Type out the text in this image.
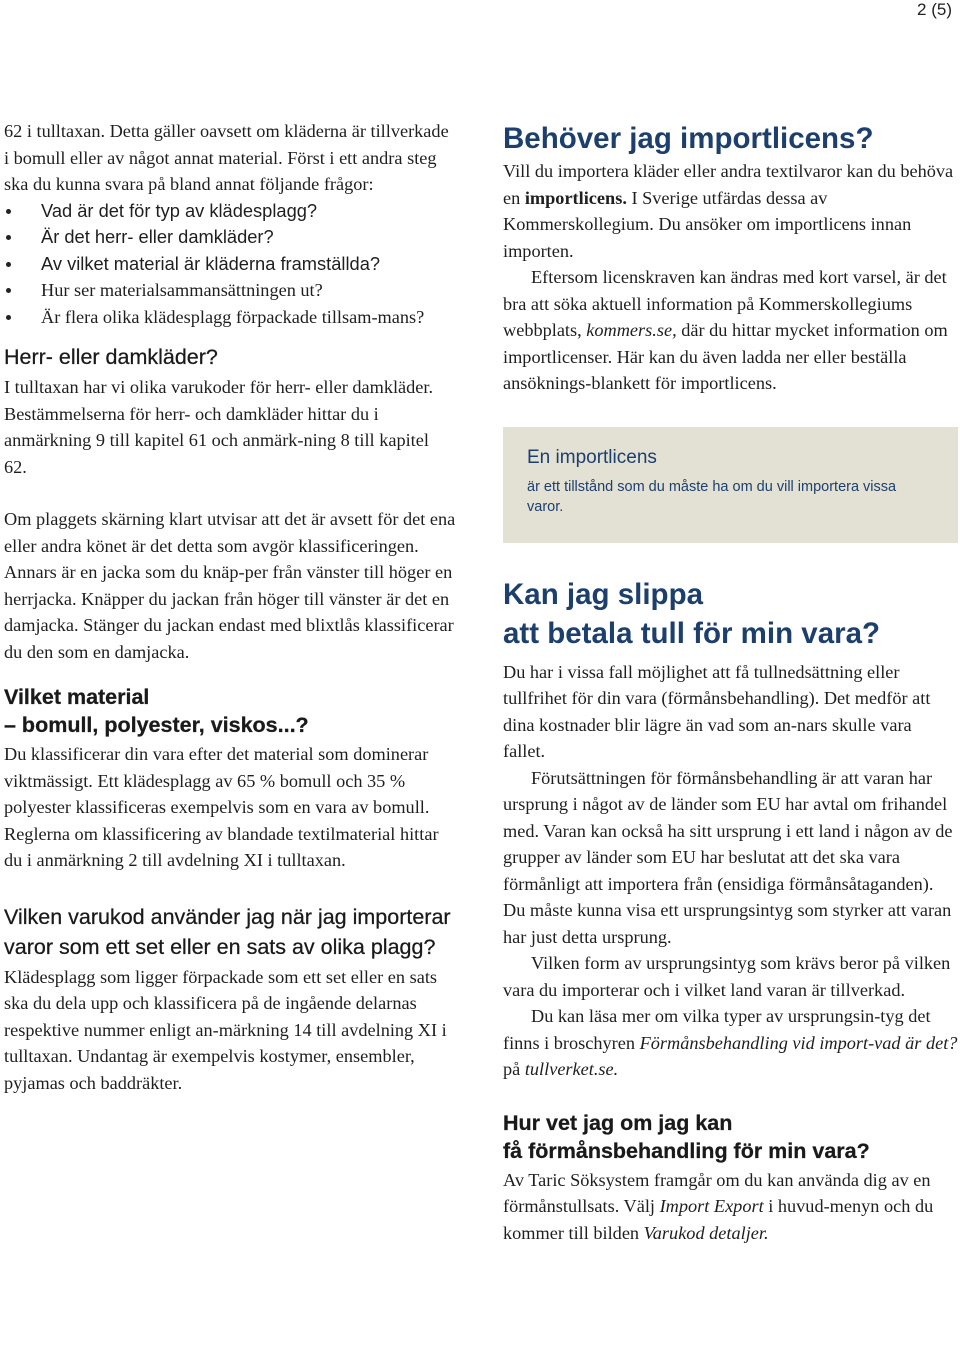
2 (5)

62 i tulltaxan. Detta gäller oavsett om kläderna är tillverkade i bomull eller av något annat material. Först i ett andra steg ska du kunna svara på bland annat följande frågor:

Vad är det för typ av klädesplagg?
Är det herr- eller damkläder?
Av vilket material är kläderna framställda?
Hur ser materialsammansättningen ut?
Är flera olika klädesplagg förpackade tillsam-mans?
Herr- eller damkläder?

I tulltaxan har vi olika varukoder för herr- eller damkläder. Bestämmelserna för herr- och damkläder hittar du i anmärkning 9 till kapitel 61 och anmärk-ning 8 till kapitel 62.

Om plaggets skärning klart utvisar att det är avsett för det ena eller andra könet är det detta som avgör klassificeringen. Annars är en jacka som du knäp-per från vänster till höger en herrjacka. Knäpper du jackan från höger till vänster är det en damjacka. Stänger du jackan endast med blixtlås klassificerar du den som en damjacka.

Vilket material
– bomull, polyester, viskos...?

Du klassificerar din vara efter det material som dominerar viktmässigt. Ett klädesplagg av 65 % bomull och 35 % polyester klassificeras exempelvis som en vara av bomull. Reglerna om klassificering av blandade textilmaterial hittar du i anmärkning 2 till avdelning XI i tulltaxan.

Vilken varukod använder jag när jag importerar varor som ett set eller en sats av olika plagg?

Klädesplagg som ligger förpackade som ett set eller en sats ska du dela upp och klassificera på de ingående delarnas respektive nummer enligt an-märkning 14 till avdelning XI i tulltaxan. Undantag är exempelvis kostymer, ensembler, pyjamas och baddräkter.

Behöver jag importlicens?

Vill du importera kläder eller andra textilvaror kan du behöva en importlicens. I Sverige utfärdas dessa av Kommerskollegium. Du ansöker om importlicens innan importen.

Eftersom licenskraven kan ändras med kort varsel, är det bra att söka aktuell information på Kommerskollegiums webbplats, kommers.se, där du hittar mycket information om importlicenser. Här kan du även ladda ner eller beställa ansöknings-blankett för importlicens.

En importlicens
är ett tillstånd som du måste ha om du vill importera vissa varor.
Kan jag slippa
att betala tull för min vara?

Du har i vissa fall möjlighet att få tullnedsättning eller tullfrihet för din vara (förmånsbehandling). Det medför att dina kostnader blir lägre än vad som an-nars skulle vara fallet.

Förutsättningen för förmånsbehandling är att varan har ursprung i något av de länder som EU har avtal om frihandel med. Varan kan också ha sitt ursprung i ett land i någon av de grupper av länder som EU har beslutat att det ska vara förmånligt att importera från (ensidiga förmånsåtaganden). Du måste kunna visa ett ursprungsintyg som styrker att varan har just detta ursprung.

Vilken form av ursprungsintyg som krävs beror på vilken vara du importerar och i vilket land varan är tillverkad.

Du kan läsa mer om vilka typer av ursprungsin-tyg det finns i broschyren Förmånsbehandling vid import-vad är det? på tullverket.se.

Hur vet jag om jag kan
få förmånsbehandling för min vara?

Av Taric Söksystem framgår om du kan använda dig av en förmånstullsats. Välj Import Export i huvud-menyn och du kommer till bilden Varukod detaljer.
